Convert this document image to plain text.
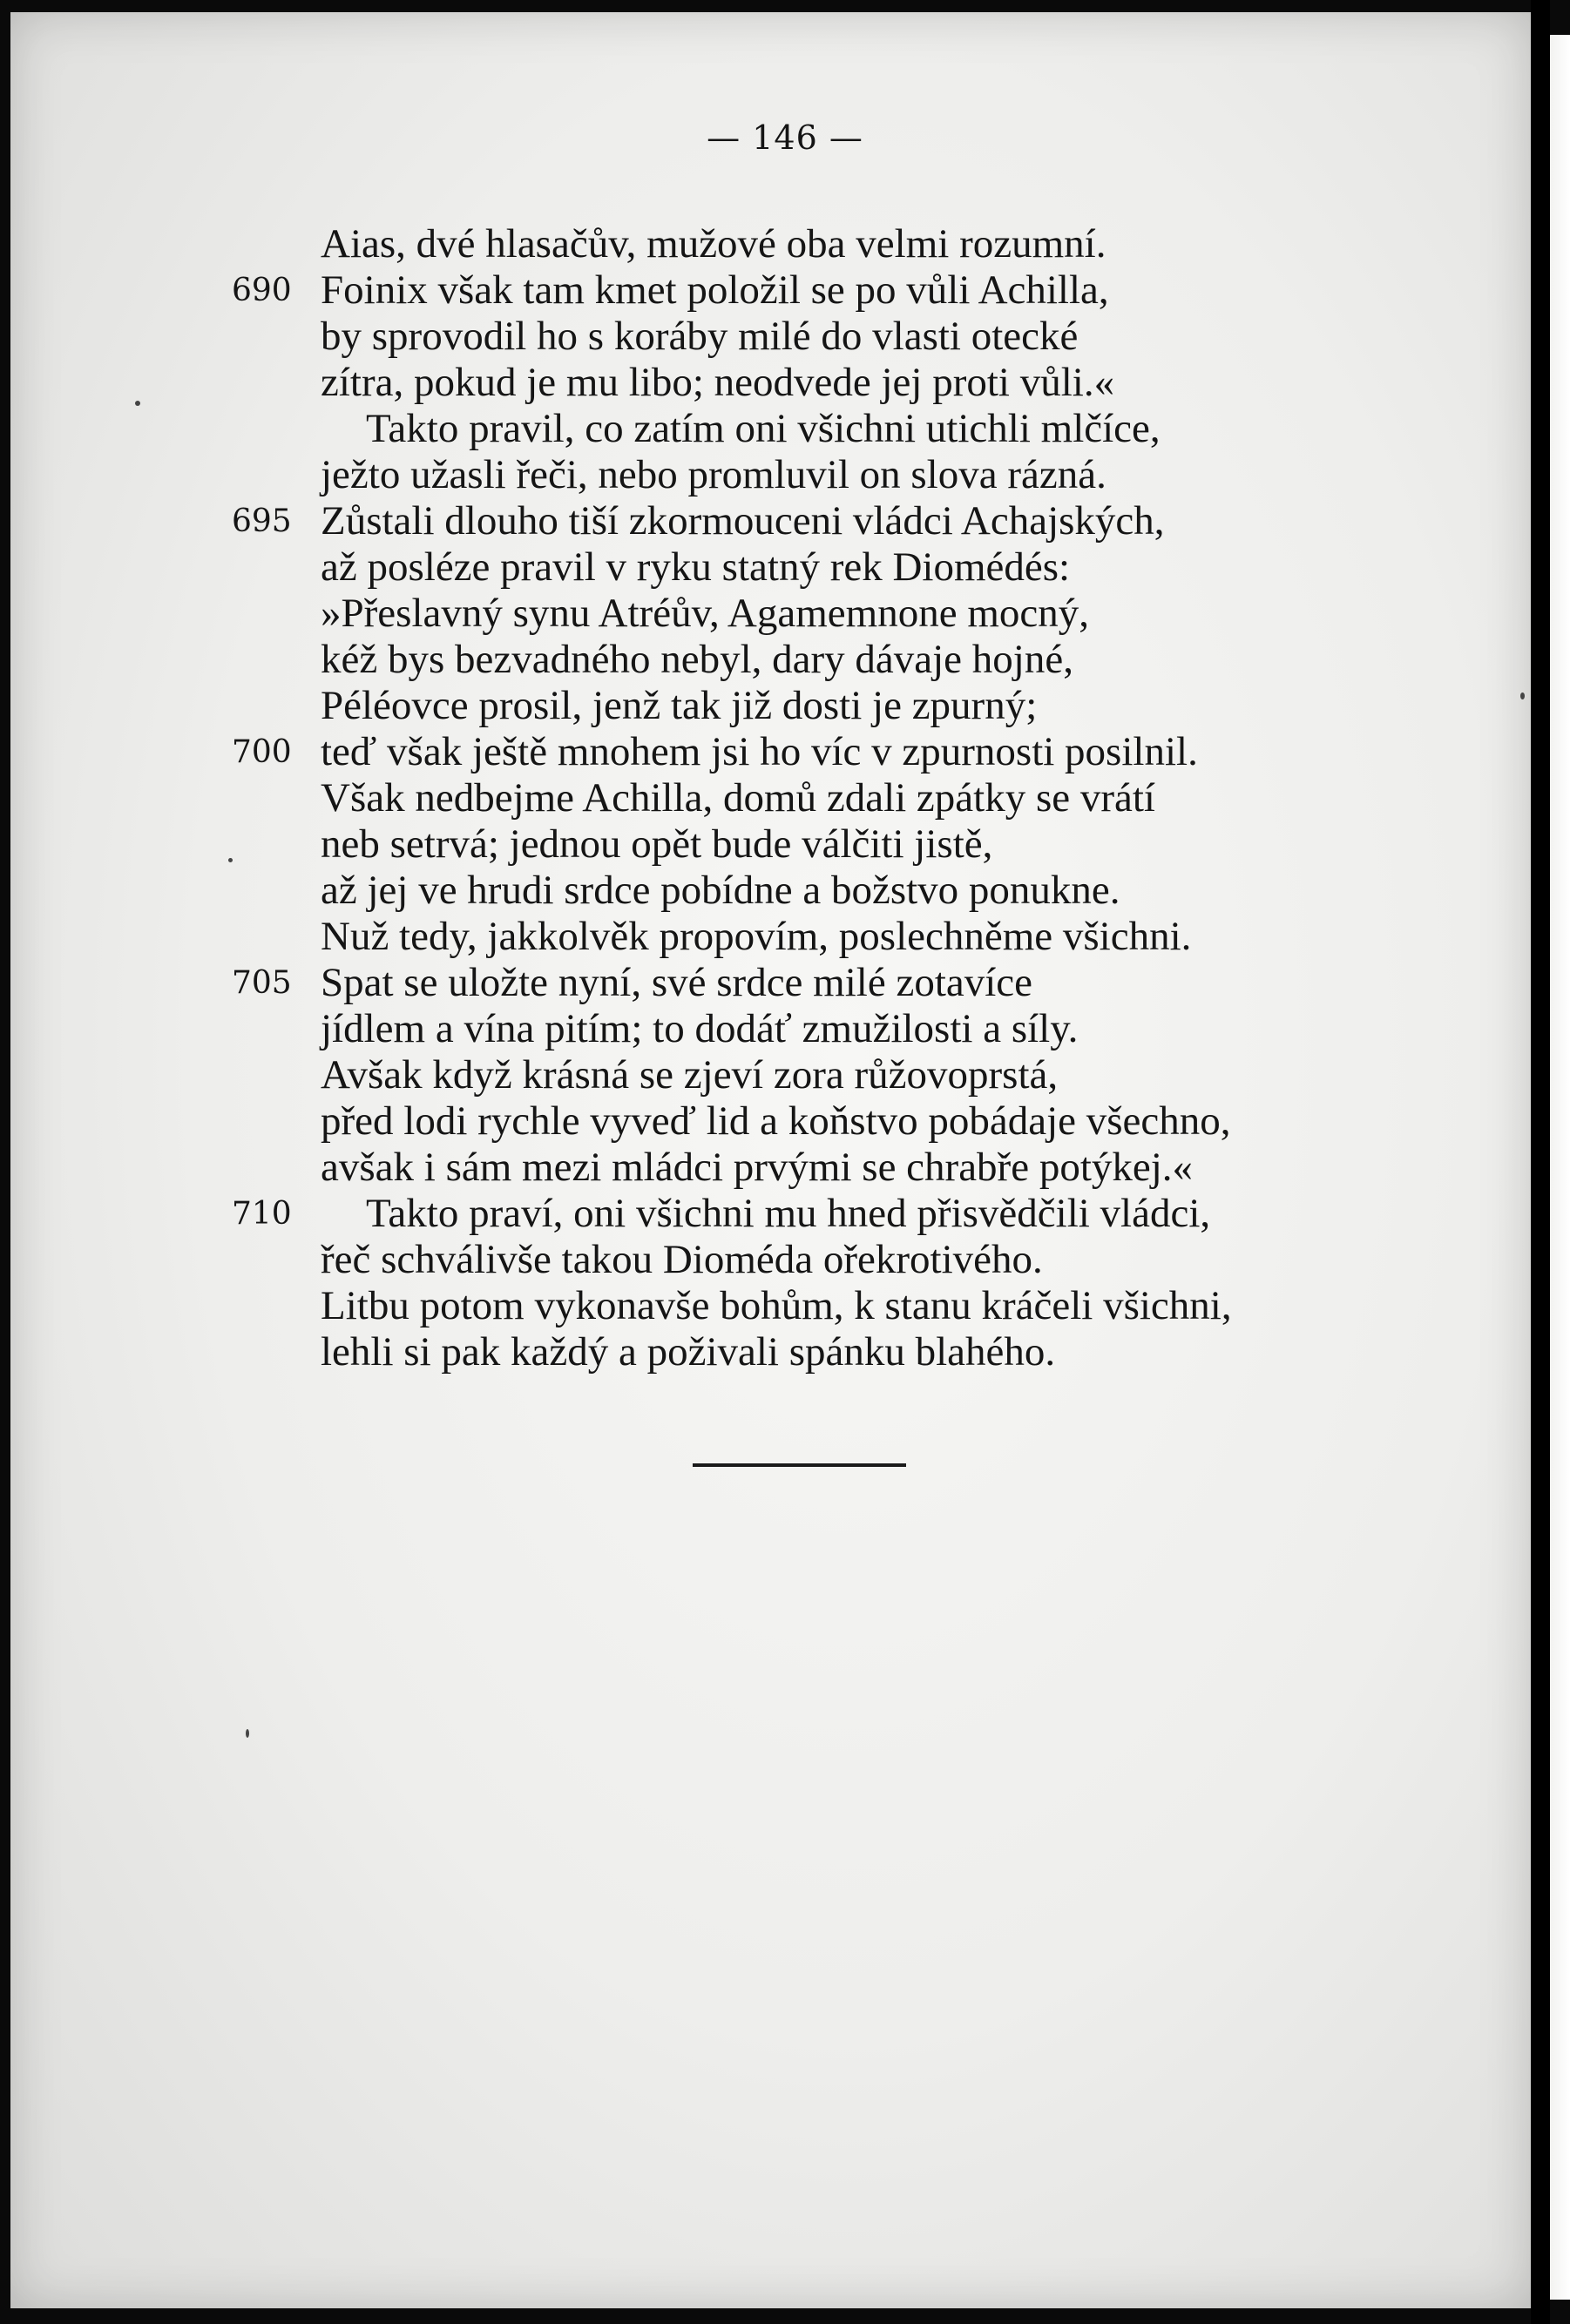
— 146 —
Aias, dvé hlasačův, mužové oba velmi rozumní.
690 Foinix však tam kmet položil se po vůli Achilla,
by sprovodil ho s koráby milé do vlasti otecké
zítra, pokud je mu libo; neodvede jej proti vůli.«
Takto pravil, co zatím oni všichni utichli mlčíce,
ježto užasli řeči, nebo promluvil on slova rázná.
695 Zůstali dlouho tiší zkormouceni vládci Achajských,
až posléze pravil v ryku statný rek Diomédés:
»Přeslavný synu Atréův, Agamemnone mocný,
kéž bys bezvadného nebyl, dary dávaje hojné,
Péléovce prosil, jenž tak již dosti je zpurný;
700 teď však ještě mnohem jsi ho víc v zpurnosti posilnil.
Však nedbejme Achilla, domů zdali zpátky se vrátí
neb setrvá; jednou opět bude válčiti jistě,
až jej ve hrudi srdce pobídne a božstvo ponukne.
Nuž tedy, jakkolvěk propovím, poslechněme všichni.
705 Spat se uložte nyní, své srdce milé zotavíce
jídlem a vína pitím; to dodáť zmužilosti a síly.
Avšak když krásná se zjeví zora růžovoprstá,
před lodi rychle vyveď lid a koňstvo pobádaje všechno,
avšak i sám mezi mládci prvými se chrabře potýkej.«
710	Takto praví, oni všichni mu hned přisvědčili vládci,
řeč schválivše takou Dioméda ořekrotivého.
Litbu potom vykonavše bohům, k stanu kráčeli všichni,
lehli si pak každý a poživali spánku blahého.
